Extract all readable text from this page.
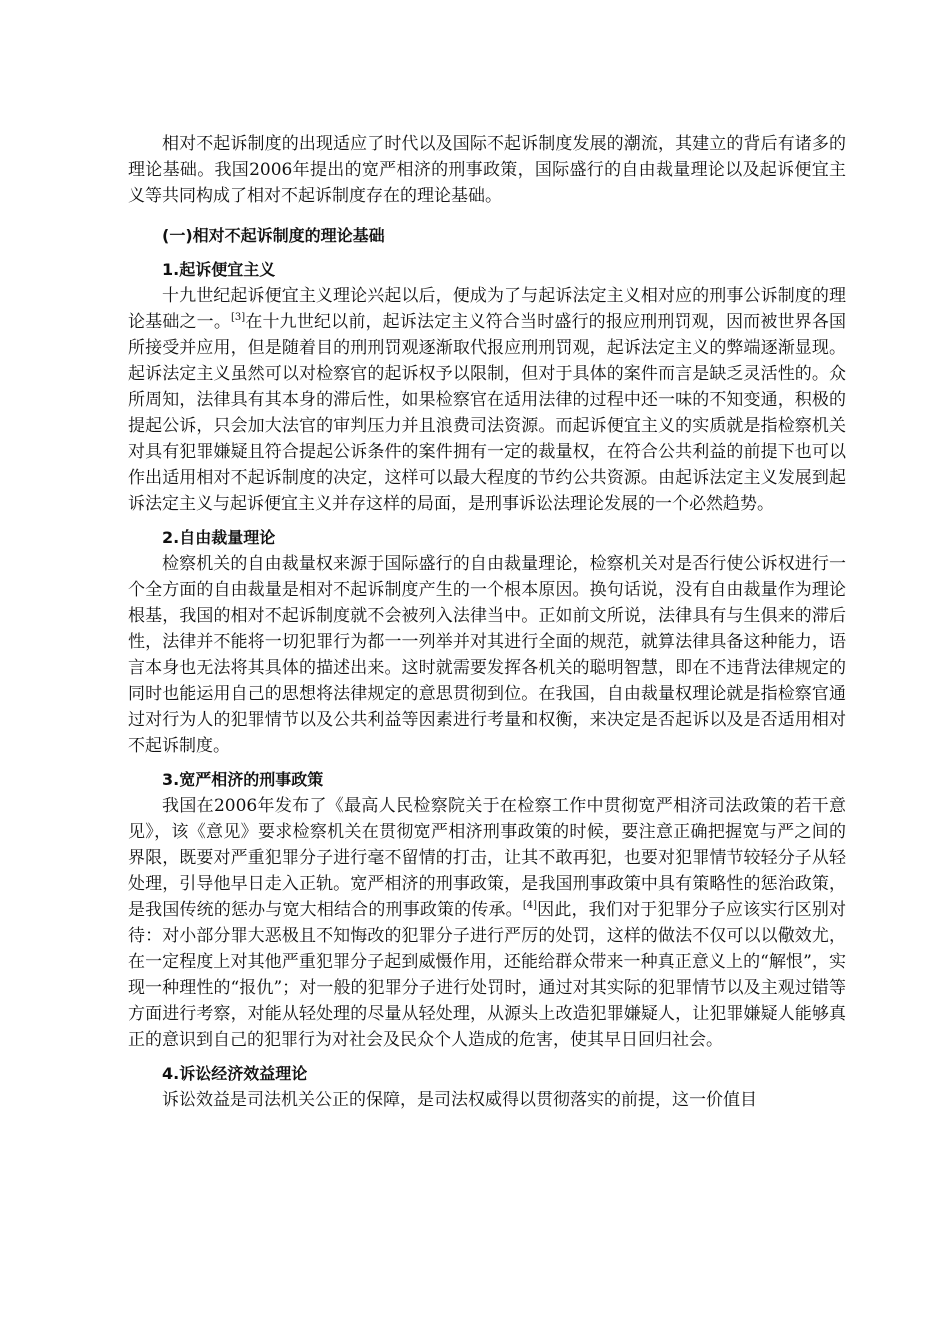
相对不起诉制度的出现适应了时代以及国际不起诉制度发展的潮流，其建立的背后有诸多的理论基础。我国2006年提出的宽严相济的刑事政策，国际盛行的自由裁量理论以及起诉便宜主义等共同构成了相对不起诉制度存在的理论基础。

(一)相对不起诉制度的理论基础
1.起诉便宜主义

十九世纪起诉便宜主义理论兴起以后，便成为了与起诉法定主义相对应的刑事公诉制度的理论基础之一。[3]在十九世纪以前，起诉法定主义符合当时盛行的报应刑刑罚观，因而被世界各国所接受并应用，但是随着目的刑刑罚观逐渐取代报应刑刑罚观，起诉法定主义的弊端逐渐显现。起诉法定主义虽然可以对检察官的起诉权予以限制，但对于具体的案件而言是缺乏灵活性的。众所周知，法律具有其本身的滞后性，如果检察官在适用法律的过程中还一味的不知变通，积极的提起公诉，只会加大法官的审判压力并且浪费司法资源。而起诉便宜主义的实质就是指检察机关对具有犯罪嫌疑且符合提起公诉条件的案件拥有一定的裁量权，在符合公共利益的前提下也可以作出适用相对不起诉制度的决定，这样可以最大程度的节约公共资源。由起诉法定主义发展到起诉法定主义与起诉便宜主义并存这样的局面，是刑事诉讼法理论发展的一个必然趋势。

2.自由裁量理论

检察机关的自由裁量权来源于国际盛行的自由裁量理论，检察机关对是否行使公诉权进行一个全方面的自由裁量是相对不起诉制度产生的一个根本原因。换句话说，没有自由裁量作为理论根基，我国的相对不起诉制度就不会被列入法律当中。正如前文所说，法律具有与生俱来的滞后性，法律并不能将一切犯罪行为都一一列举并对其进行全面的规范，就算法律具备这种能力，语言本身也无法将其具体的描述出来。这时就需要发挥各机关的聪明智慧，即在不违背法律规定的同时也能运用自己的思想将法律规定的意思贯彻到位。在我国，自由裁量权理论就是指检察官通过对行为人的犯罪情节以及公共利益等因素进行考量和权衡，来决定是否起诉以及是否适用相对不起诉制度。

3.宽严相济的刑事政策

我国在2006年发布了《最高人民检察院关于在检察工作中贯彻宽严相济司法政策的若干意见》，该《意见》要求检察机关在贯彻宽严相济刑事政策的时候，要注意正确把握宽与严之间的界限，既要对严重犯罪分子进行毫不留情的打击，让其不敢再犯，也要对犯罪情节较轻分子从轻处理，引导他早日走入正轨。宽严相济的刑事政策，是我国刑事政策中具有策略性的惩治政策，是我国传统的惩办与宽大相结合的刑事政策的传承。[4]因此，我们对于犯罪分子应该实行区别对待：对小部分罪大恶极且不知悔改的犯罪分子进行严厉的处罚，这样的做法不仅可以以儆效尤，在一定程度上对其他严重犯罪分子起到威慑作用，还能给群众带来一种真正意义上的“解恨”，实现一种理性的“报仇”；对一般的犯罪分子进行处罚时，通过对其实际的犯罪情节以及主观过错等方面进行考察，对能从轻处理的尽量从轻处理，从源头上改造犯罪嫌疑人，让犯罪嫌疑人能够真正的意识到自己的犯罪行为对社会及民众个人造成的危害，使其早日回归社会。

4.诉讼经济效益理论

诉讼效益是司法机关公正的保障，是司法权威得以贯彻落实的前提，这一价值目
